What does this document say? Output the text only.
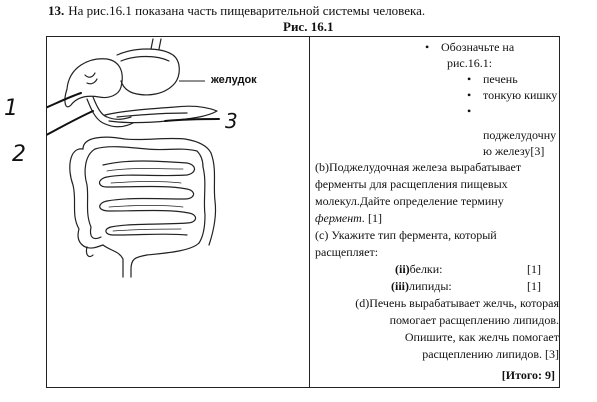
13. На рис.16.1 показана часть пищеварительной системы человека.
Рис. 16.1
желудок
3
• Обозначьте на
рис.16.1:
• печень
• тонкую кишку
•
поджелудочну
ю железу[3]
(b)Поджелудочная железа вырабатывает
ферменты для расщепления пищевых
молекул.Дайте определение термину
фермент. [1]
(c) Укажите тип фермента, который
расщепляет:
(ii)белки:	[1]
(iii)липиды:	[1]
(d)Печень вырабатывает желчь, которая
помогает расщеплению липидов.
Опишите, как желчь помогает
расщеплению липидов. [3]
[Итого: 9]
1
2
